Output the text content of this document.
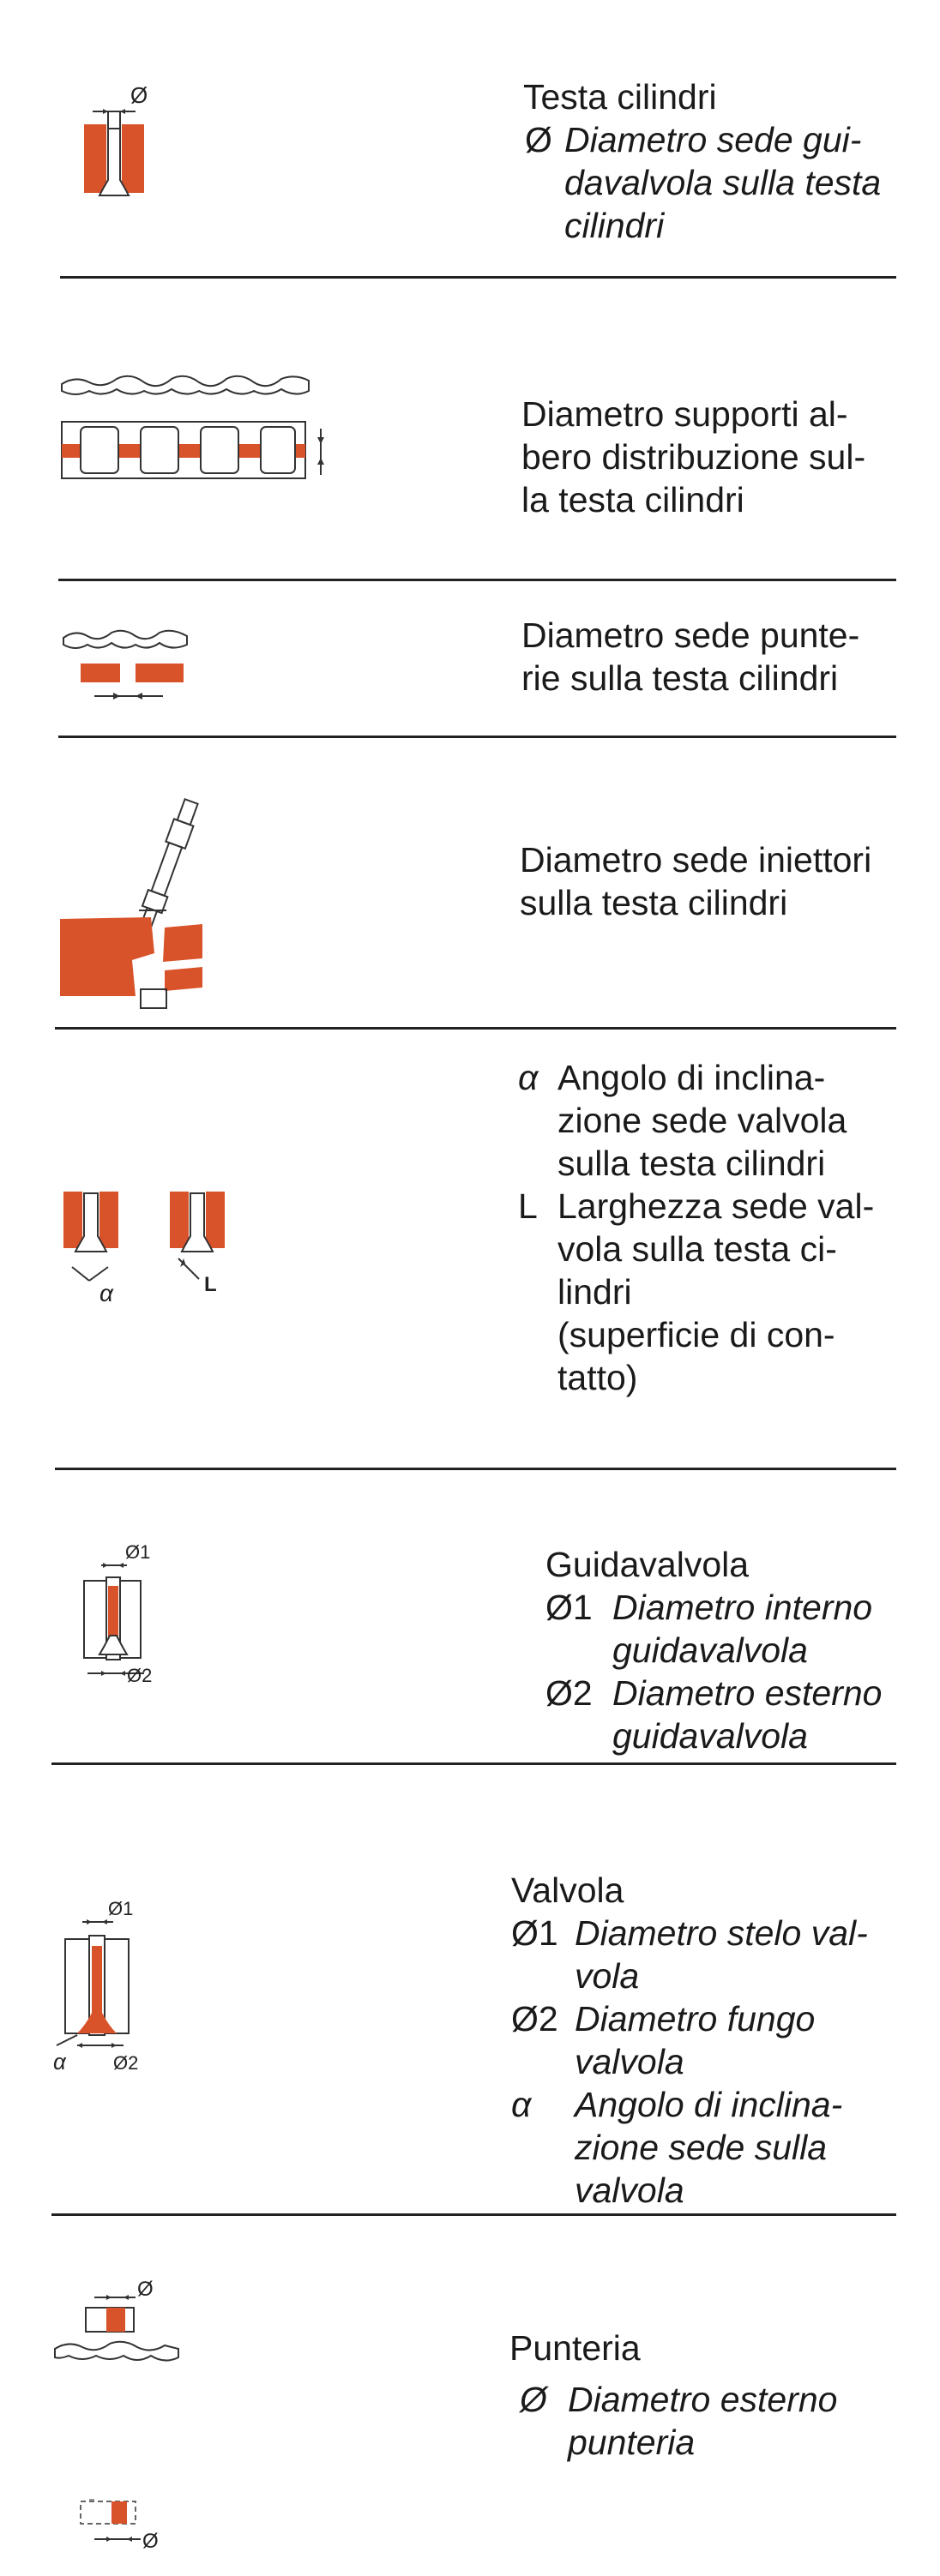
Ø	Testa cilindri
Ø Diametro sede gui-
davalvola sulla testa
cilindri
Diametro supporti al-
bero distribuzione sul-
la testa cilindri
Diametro sede punte-
rie sulla testa cilindri
Diametro sede iniettori
sulla testa cilindri
α	L
α Angolo di inclina-
zione sede valvola
sulla testa cilindri
L Larghezza sede val-
vola sulla testa ci-
lindri
(superficie di con-
tatto)
Ø1
Ø2
Guidavalvola
Ø1 Diametro interno
guidavalvola
Ø2 Diametro esterno
guidavalvola
Ø1
α	Ø2
Valvola
Ø1 Diametro stelo val-
vola
Ø2 Diametro fungo
valvola
α Angolo di inclina-
zione sede sulla
valvola
Ø
Ø
Punteria
Ø Diametro esterno
punteria
